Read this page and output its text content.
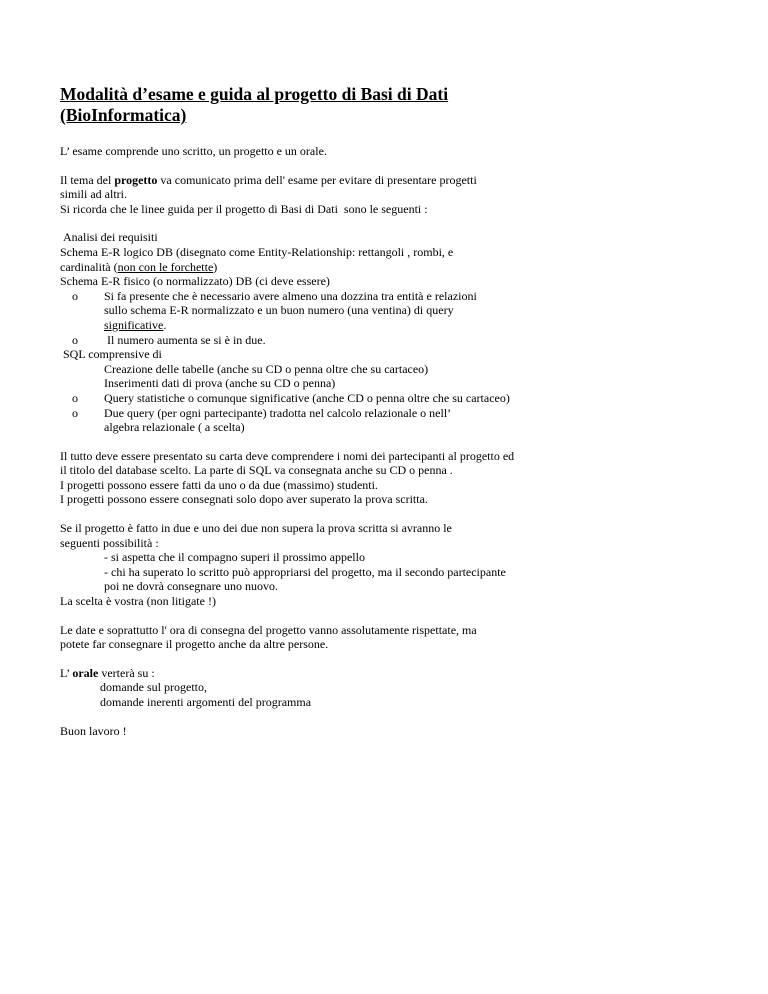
Modalità d’esame e guida al progetto di Basi di Dati
(BioInformatica)
L’ esame comprende uno scritto, un progetto e un orale.
Il tema del progetto va comunicato prima dell' esame per evitare di presentare progetti
simili ad altri.
Si ricorda che le linee guida per il progetto di Basi di Dati  sono le seguenti :
Analisi dei requisiti
Schema E-R logico DB (disegnato come Entity-Relationship: rettangoli , rombi, e
cardinalità (non con le forchette)
Schema E-R fisico (o normalizzato) DB (ci deve essere)
o Si fa presente che è necessario avere almeno una dozzina tra entità e relazioni
sullo schema E-R normalizzato e un buon numero (una ventina) di query
significative.
o Il numero aumenta se si è in due.
SQL comprensive di
Creazione delle tabelle (anche su CD o penna oltre che su cartaceo)
Inserimenti dati di prova (anche su CD o penna)
o Query statistiche o comunque significative (anche CD o penna oltre che su cartaceo)
o Due query (per ogni partecipante) tradotta nel calcolo relazionale o nell’
algebra relazionale ( a scelta)
Il tutto deve essere presentato su carta deve comprendere i nomi dei partecipanti al progetto ed
il titolo del database scelto. La parte di SQL va consegnata anche su CD o penna .
I progetti possono essere fatti da uno o da due (massimo) studenti.
I progetti possono essere consegnati solo dopo aver superato la prova scritta.
Se il progetto è fatto in due e uno dei due non supera la prova scritta si avranno le
seguenti possibilità :
- si aspetta che il compagno superi il prossimo appello
- chi ha superato lo scritto può appropriarsi del progetto, ma il secondo partecipante
poi ne dovrà consegnare uno nuovo.
La scelta è vostra (non litigate !)
Le date e soprattutto l' ora di consegna del progetto vanno assolutamente rispettate, ma
potete far consegnare il progetto anche da altre persone.
L’ orale verterà su :
domande sul progetto,
domande inerenti argomenti del programma
Buon lavoro !
